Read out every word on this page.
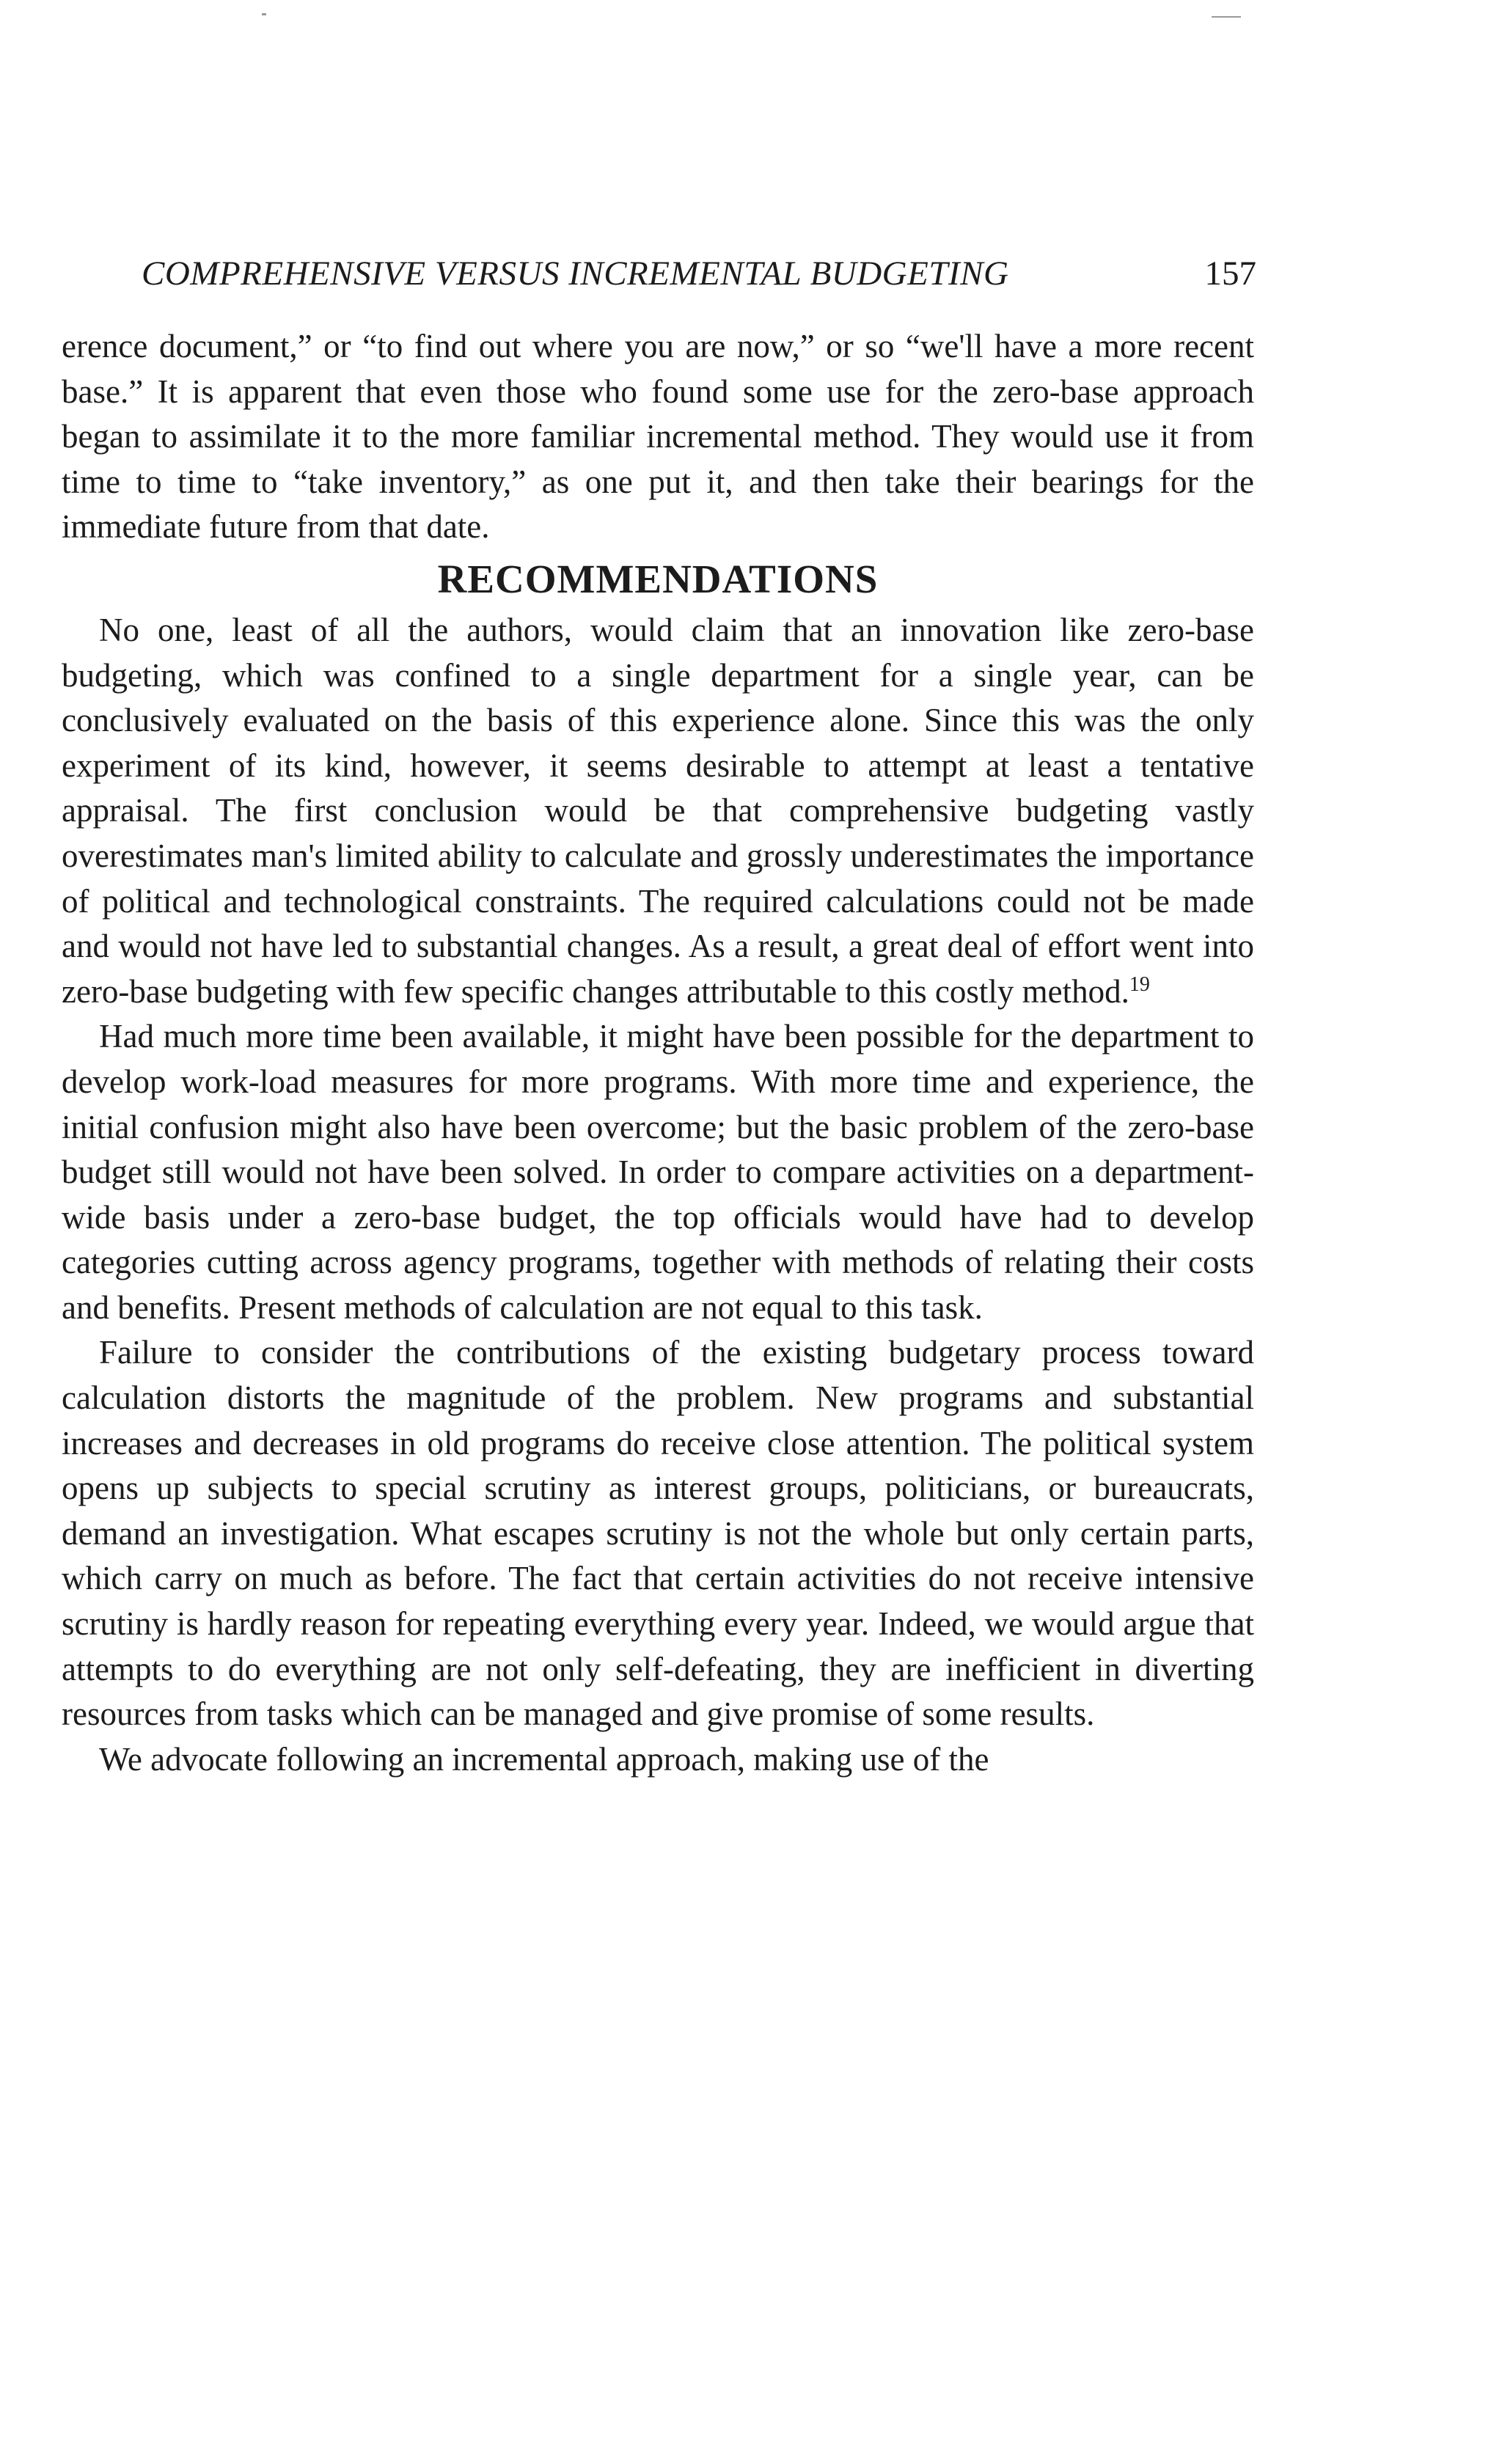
COMPREHENSIVE VERSUS INCREMENTAL BUDGETING	157

erence document,” or “to find out where you are now,” or so “we'll have a more recent base.” It is apparent that even those who found some use for the zero-base approach began to assimilate it to the more familiar incremental method. They would use it from time to time to “take inventory,” as one put it, and then take their bearings for the immediate future from that date.

RECOMMENDATIONS

No one, least of all the authors, would claim that an innovation like zero-base budgeting, which was confined to a single department for a single year, can be conclusively evaluated on the basis of this experience alone. Since this was the only experiment of its kind, however, it seems desirable to attempt at least a tentative appraisal. The first conclusion would be that comprehensive budgeting vastly overestimates man's limited ability to calculate and grossly underestimates the importance of political and technological constraints. The required calculations could not be made and would not have led to substantial changes. As a result, a great deal of effort went into zero-base budgeting with few specific changes attributable to this costly method.$^{19}$

Had much more time been available, it might have been possible for the department to develop work-load measures for more programs. With more time and experience, the initial confusion might also have been overcome; but the basic problem of the zero-base budget still would not have been solved. In order to compare activities on a department-wide basis under a zero-base budget, the top officials would have had to develop categories cutting across agency programs, together with methods of relating their costs and benefits. Present methods of calculation are not equal to this task.

Failure to consider the contributions of the existing budgetary process toward calculation distorts the magnitude of the problem. New programs and substantial increases and decreases in old programs do receive close attention. The political system opens up subjects to special scrutiny as interest groups, politicians, or bureaucrats, demand an investigation. What escapes scrutiny is not the whole but only certain parts, which carry on much as before. The fact that certain activities do not receive intensive scrutiny is hardly reason for repeating everything every year. Indeed, we would argue that attempts to do everything are not only self-defeating, they are inefficient in diverting resources from tasks which can be managed and give promise of some results.

We advocate following an incremental approach, making use of the
